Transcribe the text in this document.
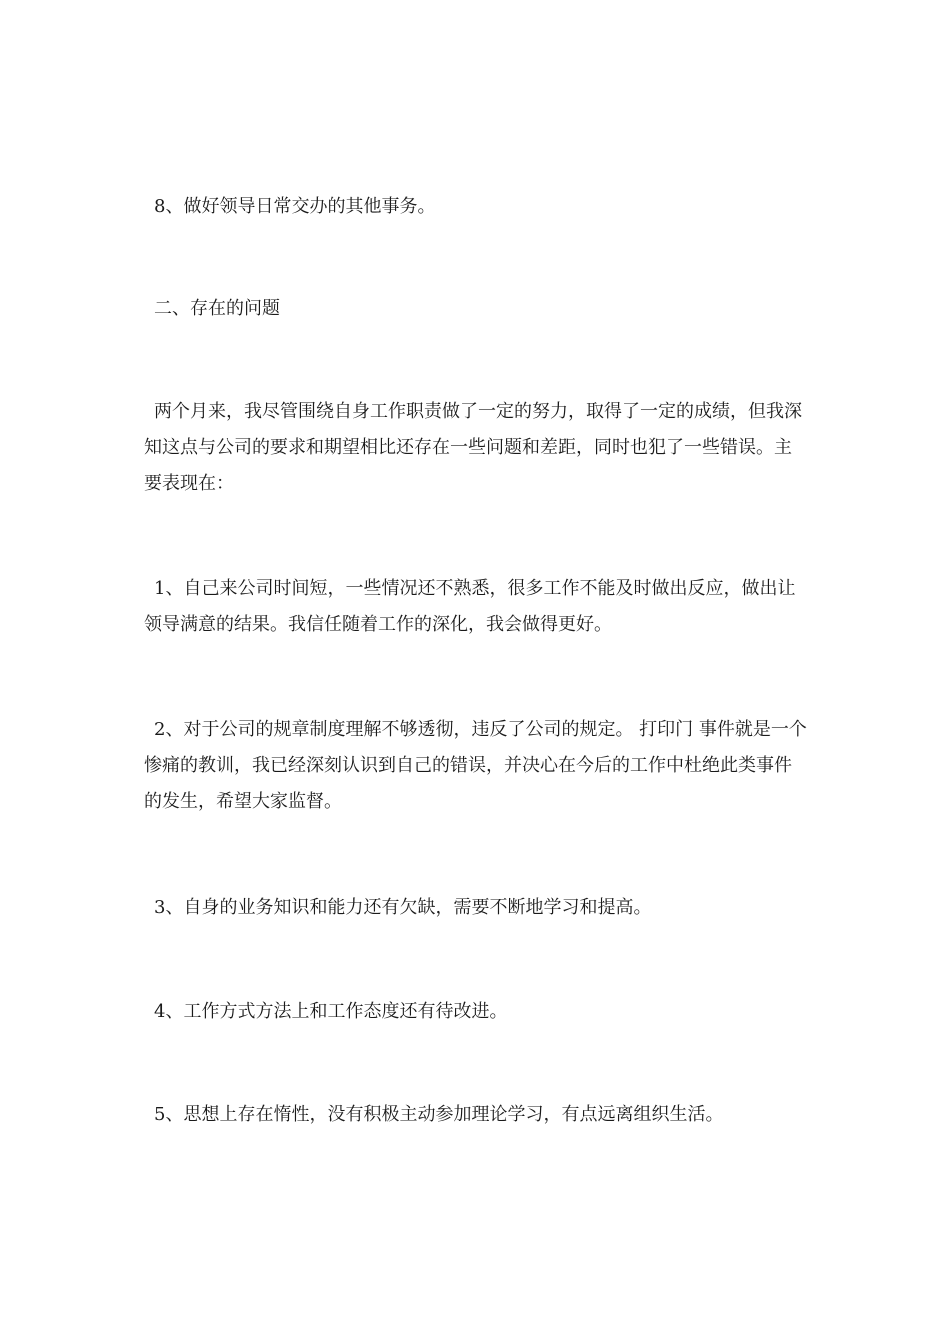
8、做好领导日常交办的其他事务。

二、存在的问题

两个月来，我尽管围绕自身工作职责做了一定的努力，取得了一定的成绩，但我深知这点与公司的要求和期望相比还存在一些问题和差距，同时也犯了一些错误。主要表现在：

1、自己来公司时间短，一些情况还不熟悉，很多工作不能及时做出反应，做出让领导满意的结果。我信任随着工作的深化，我会做得更好。

2、对于公司的规章制度理解不够透彻，违反了公司的规定。 打印门 事件就是一个惨痛的教训，我已经深刻认识到自己的错误，并决心在今后的工作中杜绝此类事件的发生，希望大家监督。

3、自身的业务知识和能力还有欠缺，需要不断地学习和提高。

4、工作方式方法上和工作态度还有待改进。

5、思想上存在惰性，没有积极主动参加理论学习，有点远离组织生活。
